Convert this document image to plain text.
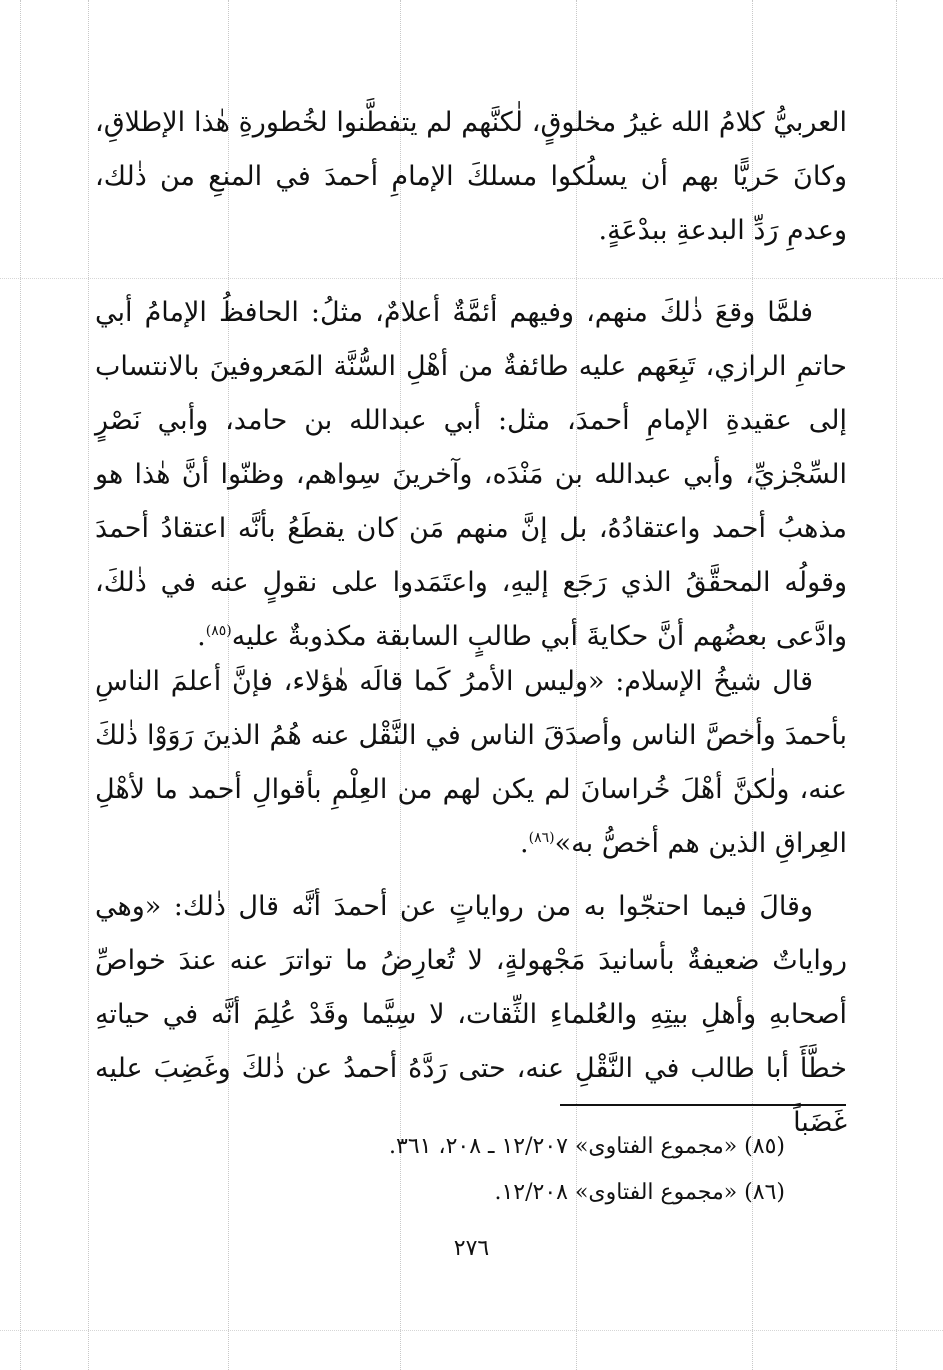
العربيُّ كلامُ الله غيرُ مخلوقٍ، لٰكنَّهم لم يتفطَّنوا لخُطورةِ هٰذا الإطلاقِ، وكانَ حَريًّا بهم أن يسلُكوا مسلكَ الإمامِ أحمدَ في المنعِ من ذٰلك، وعدمِ رَدِّ البدعةِ ببدْعَةٍ.

فلمَّا وقعَ ذٰلكَ منهم، وفيهم أئمَّةٌ أعلامٌ، مثلُ: الحافظُ الإمامُ أبي حاتمِ الرازي، تَبِعَهم عليه طائفةٌ من أهْلِ السُّنَّة المَعروفينَ بالانتساب إلى عقيدةِ الإمامِ أحمدَ، مثل: أبي عبدالله بن حامد، وأبي نَصْرٍ السِّجْزيِّ، وأبي عبدالله بن مَنْدَه، وآخرينَ سِواهم، وظنّوا أنَّ هٰذا هو مذهبُ أحمد واعتقادُهُ، بل إنَّ منهم مَن كان يقطَعُ بأنَّه اعتقادُ أحمدَ وقولُه المحقَّقُ الذي رَجَع إليهِ، واعتَمَدوا على نقولٍ عنه في ذٰلكَ، وادَّعى بعضُهم أنَّ حكايةَ أبي طالبٍ السابقة مكذوبةٌ عليه$^{(٨٥)}$.

قال شيخُ الإسلام: «وليس الأمرُ كَما قالَه هٰؤلاء، فإنَّ أعلمَ الناسِ بأحمدَ وأخصَّ الناس وأصدَقَ الناس في النَّقْل عنه هُمُ الذينَ رَوَوْا ذٰلكَ عنه، ولٰكنَّ أهْلَ خُراسانَ لم يكن لهم من العِلْمِ بأقوالِ أحمد ما لأهْلِ العِراقِ الذين هم أخصُّ به»$^{(٨٦)}$.

وقالَ فيما احتجّوا به من رواياتٍ عن أحمدَ أنَّه قال ذٰلك: «وهي رواياتٌ ضعيفةٌ بأسانيدَ مَجْهولةٍ، لا تُعارِضُ ما تواترَ عنه عندَ خواصِّ أصحابهِ وأهلِ بيتِهِ والعُلماءِ الثِّقات، لا سِيَّما وقَدْ عُلِمَ أنَّه في حياتهِ خطَّأَ أبا طالب في النَّقْلِ عنه، حتى رَدَّهُ أحمدُ عن ذٰلكَ وغَضِبَ عليه غَضَباً

(٨٥) «مجموع الفتاوى» ١٢/٢٠٧ ـ ٢٠٨، ٣٦١.

(٨٦) «مجموع الفتاوى» ١٢/٢٠٨.

٢٧٦
